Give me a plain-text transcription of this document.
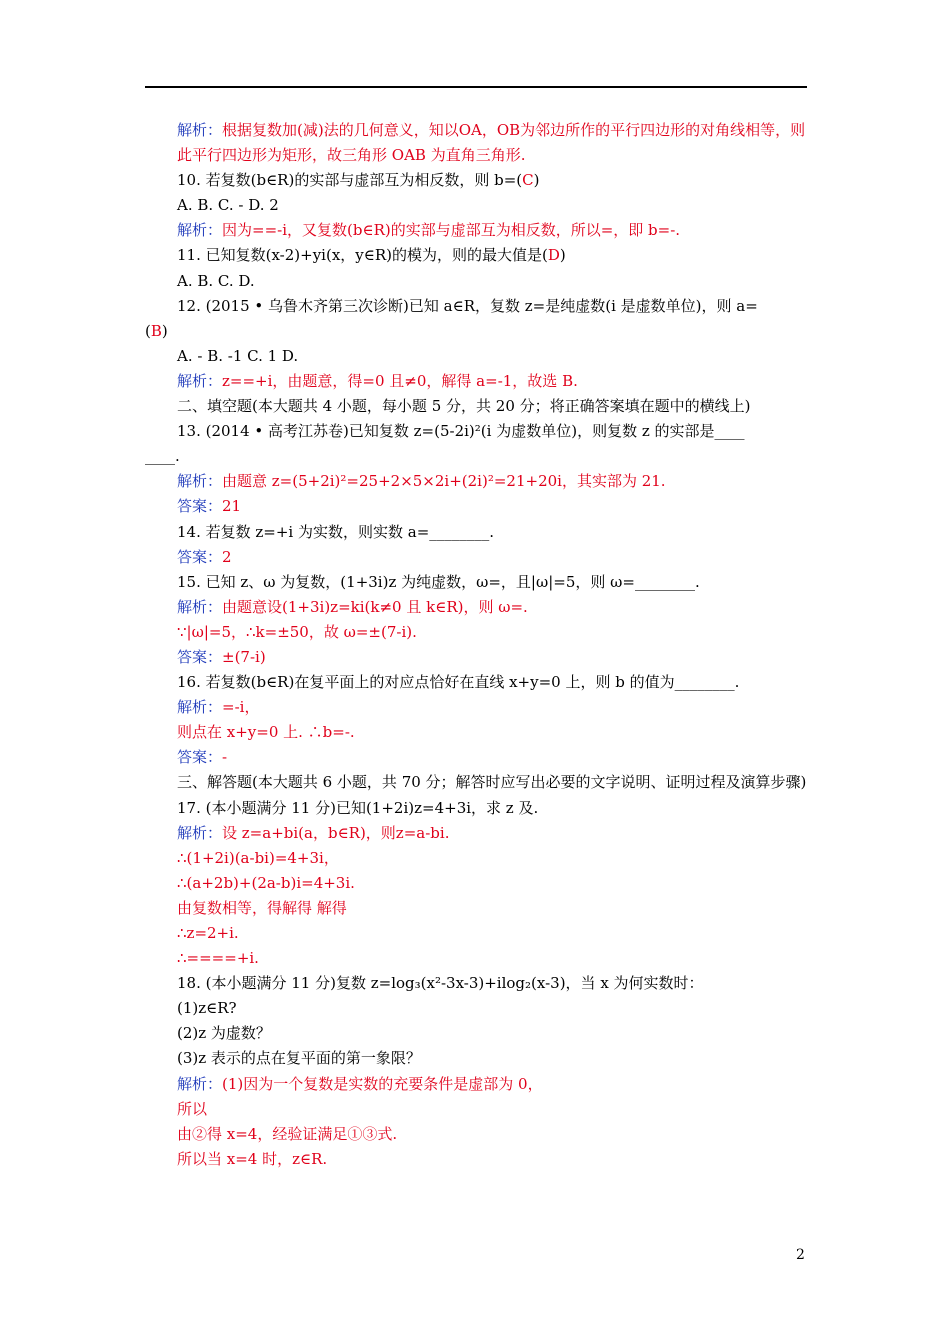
解析：根据复数加(减)法的几何意义，知以OA，OB为邻边所作的平行四边形的对角线相等，则此平行四边形为矩形，故三角形 OAB 为直角三角形.
10. 若复数(b∈R)的实部与虚部互为相反数，则 b=(C)
A. B. C. - D. 2
解析：因为==-i，又复数(b∈R)的实部与虚部互为相反数，所以=，即 b=-.
11. 已知复数(x-2)+yi(x，y∈R)的模为，则的最大值是(D)
A. B. C. D.
12. (2015 • 乌鲁木齐第三次诊断)已知 a∈R，复数 z=是纯虚数(i 是虚数单位)，则 a=
(B)
A. - B. -1 C. 1 D.
解析：z==+i，由题意，得=0 且≠0，解得 a=-1，故选 B.
二、填空题(本大题共 4 小题，每小题 5 分，共 20 分；将正确答案填在题中的横线上)
13. (2014 • 高考江苏卷)已知复数 z=(5-2i)²(i 为虚数单位)，则复数 z 的实部是____
____.
解析：由题意 z=(5+2i)²=25+2×5×2i+(2i)²=21+20i，其实部为 21.
答案：21
14. 若复数 z=+i 为实数，则实数 a=________.
答案：2
15. 已知 z、ω 为复数，(1+3i)z 为纯虚数，ω=，且|ω|=5，则 ω=________.
解析：由题意设(1+3i)z=ki(k≠0 且 k∈R)，则 ω=.
∵|ω|=5，∴k=±50，故 ω=±(7-i).
答案：±(7-i)
16. 若复数(b∈R)在复平面上的对应点恰好在直线 x+y=0 上，则 b 的值为________.
解析：=-i，
则点在 x+y=0 上. ∴b=-.
答案：-
三、解答题(本大题共 6 小题，共 70 分；解答时应写出必要的文字说明、证明过程及演算步骤)
17. (本小题满分 11 分)已知(1+2i)z=4+3i，求 z 及.
解析：设 z=a+bi(a，b∈R)，则z=a-bi.
∴(1+2i)(a-bi)=4+3i，
∴(a+2b)+(2a-b)i=4+3i.
由复数相等，得解得 解得
∴z=2+i.
∴====+i.
18. (本小题满分 11 分)复数 z=log₃(x²-3x-3)+ilog₂(x-3)，当 x 为何实数时：
(1)z∈R?
(2)z 为虚数？
(3)z 表示的点在复平面的第一象限？
解析：(1)因为一个复数是实数的充要条件是虚部为 0，
所以
由②得 x=4，经验证满足①③式.
所以当 x=4 时，z∈R.
2
